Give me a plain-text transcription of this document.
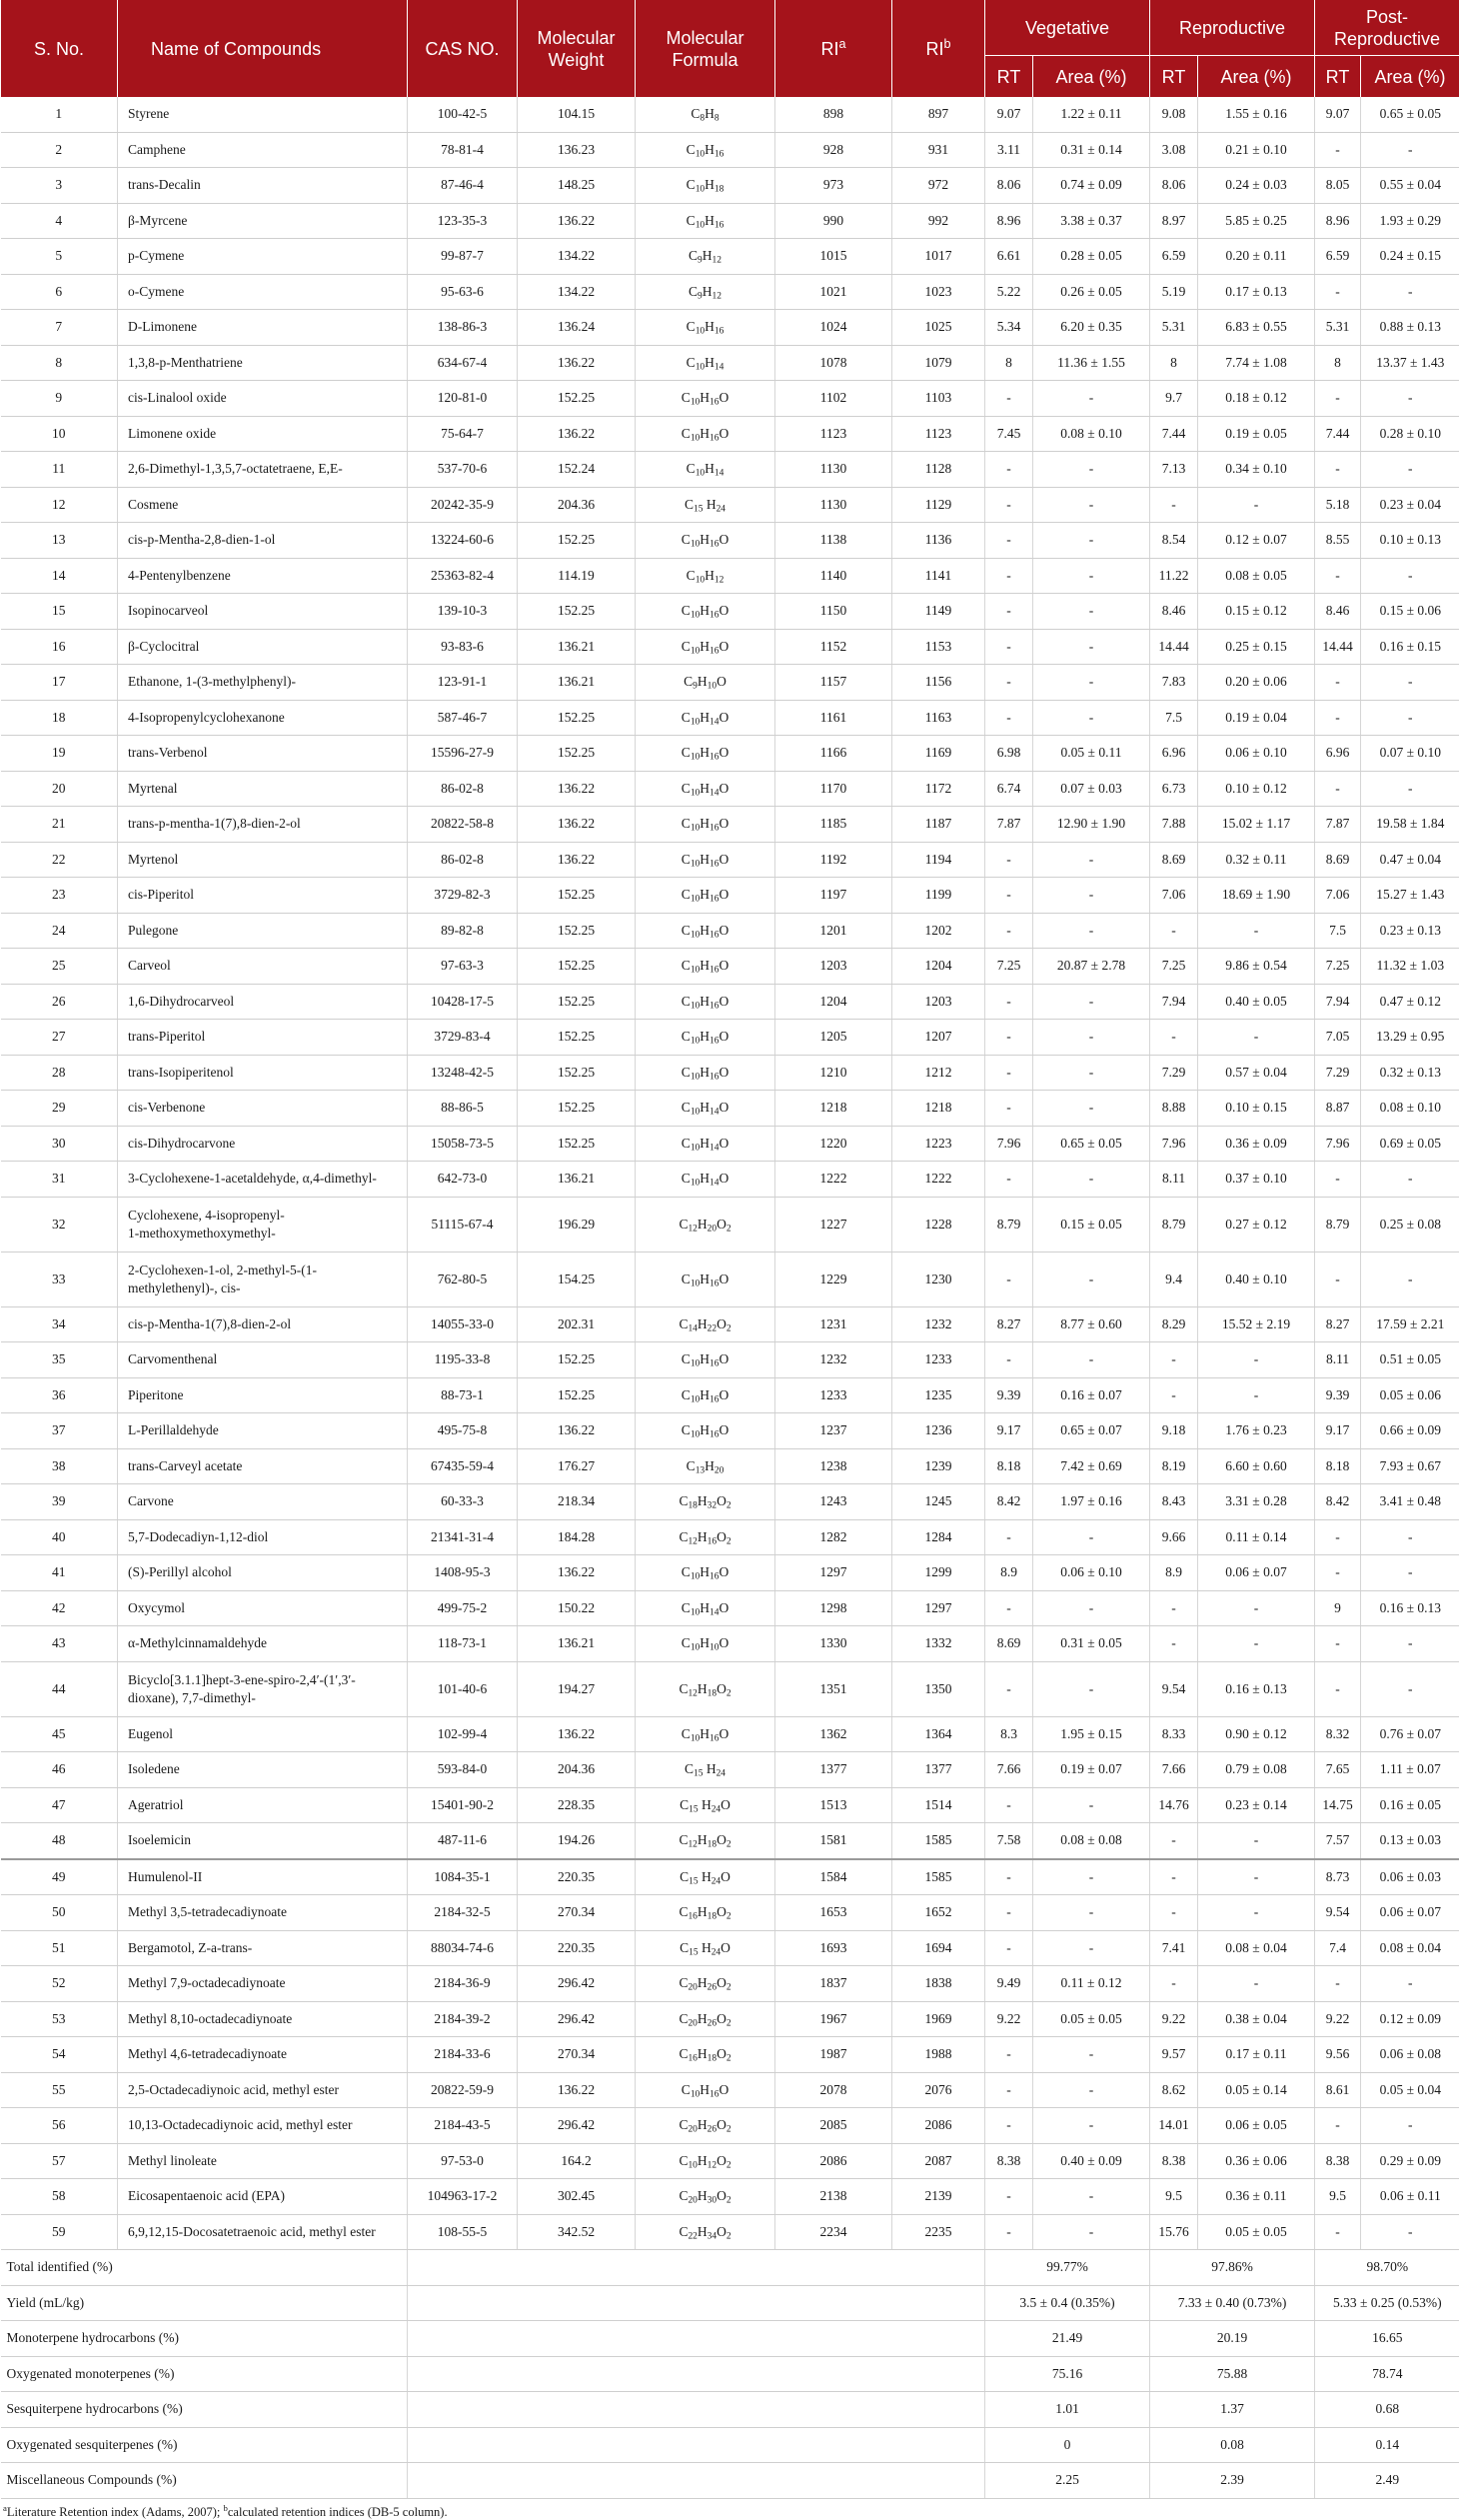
S. No.	Name of Compounds	CAS NO.	Molecular Weight	Molecular Formula	$RI^a$	$RI^b$	Vegetative		Reproductive		Post-Reproductive	
							RT	Area (%)	RT	Area (%)	RT	Area (%)
1	Styrene	100-42-5	104.15	$C_8H_8$	898	897	9.07	1.22 ± 0.11	9.08	1.55 ± 0.16	9.07	0.65 ± 0.05
2	Camphene	78-81-4	136.23	$C_{10}H_{16}$	928	931	3.11	0.31 ± 0.14	3.08	0.21 ± 0.10	-	-
3	trans-Decalin	87-46-4	148.25	$C_{10}H_{18}$	973	972	8.06	0.74 ± 0.09	8.06	0.24 ± 0.03	8.05	0.55 ± 0.04
4	β-Myrcene	123-35-3	136.22	$C_{10}H_{16}$	990	992	8.96	3.38 ± 0.37	8.97	5.85 ± 0.25	8.96	1.93 ± 0.29
5	p-Cymene	99-87-7	134.22	$C_9H_{12}$	1015	1017	6.61	0.28 ± 0.05	6.59	0.20 ± 0.11	6.59	0.24 ± 0.15
6	o-Cymene	95-63-6	134.22	$C_9H_{12}$	1021	1023	5.22	0.26 ± 0.05	5.19	0.17 ± 0.13	-	-
7	D-Limonene	138-86-3	136.24	$C_{10}H_{16}$	1024	1025	5.34	6.20 ± 0.35	5.31	6.83 ± 0.55	5.31	0.88 ± 0.13
8	1,3,8-p-Menthatriene	634-67-4	136.22	$C_{10}H_{14}$	1078	1079	8	11.36 ± 1.55	8	7.74 ± 1.08	8	13.37 ± 1.43
9	cis-Linalool oxide	120-81-0	152.25	$C_{10}H_{16}O$	1102	1103	-	-	9.7	0.18 ± 0.12	-	-
10	Limonene oxide	75-64-7	136.22	$C_{10}H_{16}O$	1123	1123	7.45	0.08 ± 0.10	7.44	0.19 ± 0.05	7.44	0.28 ± 0.10
11	2,6-Dimethyl-1,3,5,7-octatetraene, E,E-	537-70-6	152.24	$C_{10}H_{14}$	1130	1128	-	-	7.13	0.34 ± 0.10	-	-
12	Cosmene	20242-35-9	204.36	$C_{15}$ $H_{24}$	1130	1129	-	-	-	-	5.18	0.23 ± 0.04
13	cis-p-Mentha-2,8-dien-1-ol	13224-60-6	152.25	$C_{10}H_{16}O$	1138	1136	-	-	8.54	0.12 ± 0.07	8.55	0.10 ± 0.13
14	4-Pentenylbenzene	25363-82-4	114.19	$C_{10}H_{12}$	1140	1141	-	-	11.22	0.08 ± 0.05	-	-
15	Isopinocarveol	139-10-3	152.25	$C_{10}H_{16}O$	1150	1149	-	-	8.46	0.15 ± 0.12	8.46	0.15 ± 0.06
16	β-Cyclocitral	93-83-6	136.21	$C_{10}H_{16}O$	1152	1153	-	-	14.44	0.25 ± 0.15	14.44	0.16 ± 0.15
17	Ethanone, 1-(3-methylphenyl)-	123-91-1	136.21	$C_9H_{10}O$	1157	1156	-	-	7.83	0.20 ± 0.06	-	-
18	4-Isopropenylcyclohexanone	587-46-7	152.25	$C_{10}H_{14}O$	1161	1163	-	-	7.5	0.19 ± 0.04	-	-
19	trans-Verbenol	15596-27-9	152.25	$C_{10}H_{16}O$	1166	1169	6.98	0.05 ± 0.11	6.96	0.06 ± 0.10	6.96	0.07 ± 0.10
20	Myrtenal	86-02-8	136.22	$C_{10}H_{14}O$	1170	1172	6.74	0.07 ± 0.03	6.73	0.10 ± 0.12	-	-
21	trans-p-mentha-1(7),8-dien-2-ol	20822-58-8	136.22	$C_{10}H_{16}O$	1185	1187	7.87	12.90 ± 1.90	7.88	15.02 ± 1.17	7.87	19.58 ± 1.84
22	Myrtenol	86-02-8	136.22	$C_{10}H_{16}O$	1192	1194	-	-	8.69	0.32 ± 0.11	8.69	0.47 ± 0.04
23	cis-Piperitol	3729-82-3	152.25	$C_{10}H_{16}O$	1197	1199	-	-	7.06	18.69 ± 1.90	7.06	15.27 ± 1.43
24	Pulegone	89-82-8	152.25	$C_{10}H_{16}O$	1201	1202	-	-	-	-	7.5	0.23 ± 0.13
25	Carveol	97-63-3	152.25	$C_{10}H_{16}O$	1203	1204	7.25	20.87 ± 2.78	7.25	9.86 ± 0.54	7.25	11.32 ± 1.03
26	1,6-Dihydrocarveol	10428-17-5	152.25	$C_{10}H_{16}O$	1204	1203	-	-	7.94	0.40 ± 0.05	7.94	0.47 ± 0.12
27	trans-Piperitol	3729-83-4	152.25	$C_{10}H_{16}O$	1205	1207	-	-	-	-	7.05	13.29 ± 0.95
28	trans-Isopiperitenol	13248-42-5	152.25	$C_{10}H_{16}O$	1210	1212	-	-	7.29	0.57 ± 0.04	7.29	0.32 ± 0.13
29	cis-Verbenone	88-86-5	152.25	$C_{10}H_{14}O$	1218	1218	-	-	8.88	0.10 ± 0.15	8.87	0.08 ± 0.10
30	cis-Dihydrocarvone	15058-73-5	152.25	$C_{10}H_{14}O$	1220	1223	7.96	0.65 ± 0.05	7.96	0.36 ± 0.09	7.96	0.69 ± 0.05
31	3-Cyclohexene-1-acetaldehyde, α,4-dimethyl-	642-73-0	136.21	$C_{10}H_{14}O$	1222	1222	-	-	8.11	0.37 ± 0.10	-	-
32	Cyclohexene, 4-isopropenyl-
1-methoxymethoxymethyl-	51115-67-4	196.29	$C_{12}H_{20}O_2$	1227	1228	8.79	0.15 ± 0.05	8.79	0.27 ± 0.12	8.79	0.25 ± 0.08
33	2-Cyclohexen-1-ol, 2-methyl-5-(1-
methylethenyl)-, cis-	762-80-5	154.25	$C_{10}H_{16}O$	1229	1230	-	-	9.4	0.40 ± 0.10	-	-
34	cis-p-Mentha-1(7),8-dien-2-ol	14055-33-0	202.31	$C_{14}H_{22}O_2$	1231	1232	8.27	8.77 ± 0.60	8.29	15.52 ± 2.19	8.27	17.59 ± 2.21
35	Carvomenthenal	1195-33-8	152.25	$C_{10}H_{16}O$	1232	1233	-	-	-	-	8.11	0.51 ± 0.05
36	Piperitone	88-73-1	152.25	$C_{10}H_{16}O$	1233	1235	9.39	0.16 ± 0.07	-	-	9.39	0.05 ± 0.06
37	L-Perillaldehyde	495-75-8	136.22	$C_{10}H_{16}O$	1237	1236	9.17	0.65 ± 0.07	9.18	1.76 ± 0.23	9.17	0.66 ± 0.09
38	trans-Carveyl acetate	67435-59-4	176.27	$C_{13}H_{20}$	1238	1239	8.18	7.42 ± 0.69	8.19	6.60 ± 0.60	8.18	7.93 ± 0.67
39	Carvone	60-33-3	218.34	$C_{18}H_{32}O_2$	1243	1245	8.42	1.97 ± 0.16	8.43	3.31 ± 0.28	8.42	3.41 ± 0.48
40	5,7-Dodecadiyn-1,12-diol	21341-31-4	184.28	$C_{12}H_{16}O_2$	1282	1284	-	-	9.66	0.11 ± 0.14	-	-
41	(S)-Perillyl alcohol	1408-95-3	136.22	$C_{10}H_{16}O$	1297	1299	8.9	0.06 ± 0.10	8.9	0.06 ± 0.07	-	-
42	Oxycymol	499-75-2	150.22	$C_{10}H_{14}O$	1298	1297	-	-	-	-	9	0.16 ± 0.13
43	α-Methylcinnamaldehyde	118-73-1	136.21	$C_{10}H_{10}O$	1330	1332	8.69	0.31 ± 0.05	-	-	-	-
44	Bicyclo[3.1.1]hept-3-ene-spiro-2,4′-(1′,3′-
dioxane), 7,7-dimethyl-	101-40-6	194.27	$C_{12}H_{18}O_2$	1351	1350	-	-	9.54	0.16 ± 0.13	-	-
45	Eugenol	102-99-4	136.22	$C_{10}H_{16}O$	1362	1364	8.3	1.95 ± 0.15	8.33	0.90 ± 0.12	8.32	0.76 ± 0.07
46	Isoledene	593-84-0	204.36	$C_{15}$ $H_{24}$	1377	1377	7.66	0.19 ± 0.07	7.66	0.79 ± 0.08	7.65	1.11 ± 0.07
47	Ageratriol	15401-90-2	228.35	$C_{15}$ $H_{24}O$	1513	1514	-	-	14.76	0.23 ± 0.14	14.75	0.16 ± 0.05
48	Isoelemicin	487-11-6	194.26	$C_{12}H_{18}O_2$	1581	1585	7.58	0.08 ± 0.08	-	-	7.57	0.13 ± 0.03
49	Humulenol-II	1084-35-1	220.35	$C_{15}$ $H_{24}O$	1584	1585	-	-	-	-	8.73	0.06 ± 0.03
50	Methyl 3,5-tetradecadiynoate	2184-32-5	270.34	$C_{16}H_{18}O_2$	1653	1652	-	-	-	-	9.54	0.06 ± 0.07
51	Bergamotol, Z-a-trans-	88034-74-6	220.35	$C_{15}$ $H_{24}O$	1693	1694	-	-	7.41	0.08 ± 0.04	7.4	0.08 ± 0.04
52	Methyl 7,9-octadecadiynoate	2184-36-9	296.42	$C_{20}H_{26}O_2$	1837	1838	9.49	0.11 ± 0.12	-	-	-	-
53	Methyl 8,10-octadecadiynoate	2184-39-2	296.42	$C_{20}H_{26}O_2$	1967	1969	9.22	0.05 ± 0.05	9.22	0.38 ± 0.04	9.22	0.12 ± 0.09
54	Methyl 4,6-tetradecadiynoate	2184-33-6	270.34	$C_{16}H_{18}O_2$	1987	1988	-	-	9.57	0.17 ± 0.11	9.56	0.06 ± 0.08
55	2,5-Octadecadiynoic acid, methyl ester	20822-59-9	136.22	$C_{10}H_{16}O$	2078	2076	-	-	8.62	0.05 ± 0.14	8.61	0.05 ± 0.04
56	10,13-Octadecadiynoic acid, methyl ester	2184-43-5	296.42	$C_{20}H_{26}O_2$	2085	2086	-	-	14.01	0.06 ± 0.05	-	-
57	Methyl linoleate	97-53-0	164.2	$C_{10}H_{12}O_2$	2086	2087	8.38	0.40 ± 0.09	8.38	0.36 ± 0.06	8.38	0.29 ± 0.09
58	Eicosapentaenoic acid (EPA)	104963-17-2	302.45	$C_{20}H_{30}O_2$	2138	2139	-	-	9.5	0.36 ± 0.11	9.5	0.06 ± 0.11
59	6,9,12,15-Docosatetraenoic acid, methyl ester	108-55-5	342.52	$C_{22}H_{34}O_2$	2234	2235	-	-	15.76	0.05 ± 0.05	-	-
Total identified (%)							99.77%		97.86%		98.70%	
Yield (mL/kg)							3.5 ± 0.4 (0.35%)		7.33 ± 0.40 (0.73%)		5.33 ± 0.25 (0.53%)	
Monoterpene hydrocarbons (%)							21.49		20.19		16.65	
Oxygenated monoterpenes (%)							75.16		75.88		78.74	
Sesquiterpene hydrocarbons (%)							1.01		1.37		0.68	
Oxygenated sesquiterpenes (%)							0		0.08		0.14	
Miscellaneous Compounds (%)							2.25		2.39		2.49	
$^a$Literature Retention index (Adams, 2007); $^b$calculated retention indices (DB-5 column).
